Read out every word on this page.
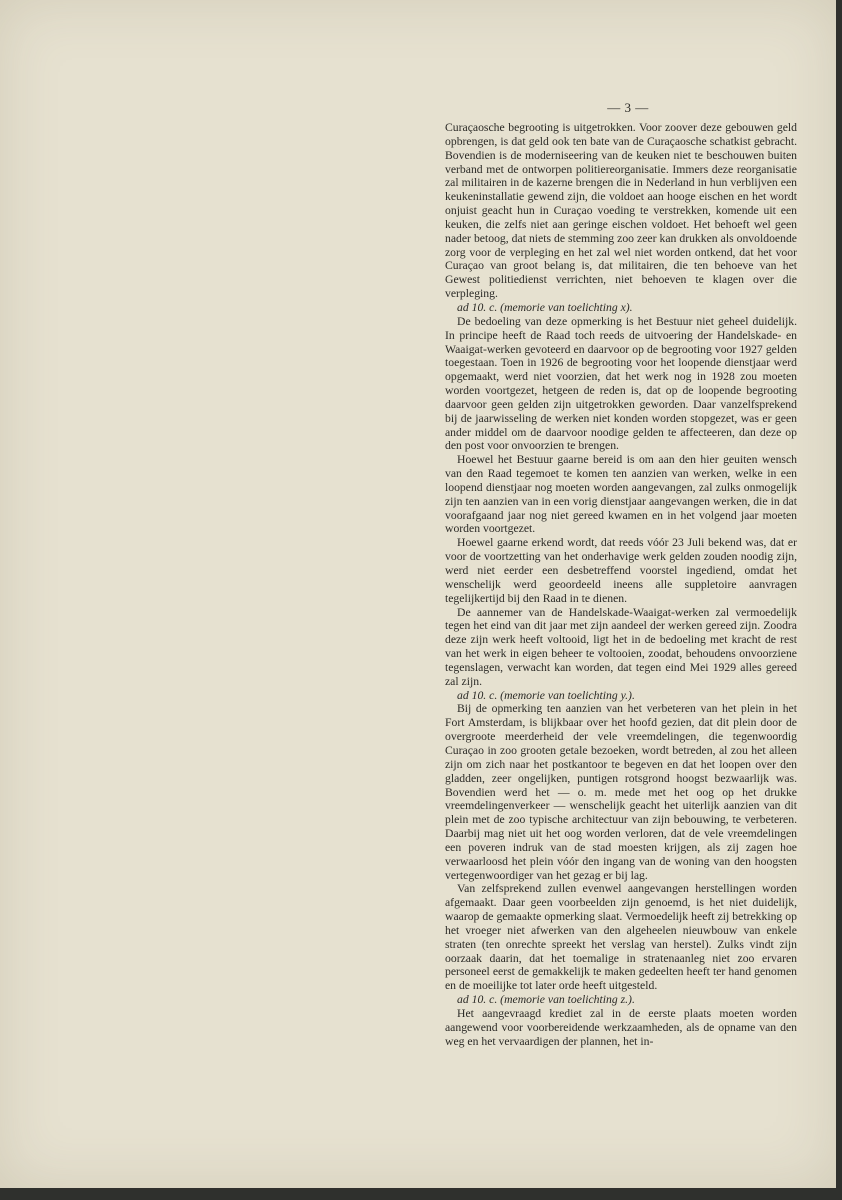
— 3 —

Curaçaosche begrooting is uitgetrokken. Voor zoover deze gebouwen geld opbrengen, is dat geld ook ten bate van de Curaçaosche schatkist gebracht. Bovendien is de moderniseering van de keuken niet te beschouwen buiten verband met de ontworpen politiereorganisatie. Immers deze reorganisatie zal militairen in de kazerne brengen die in Nederland in hun verblijven een keukeninstallatie gewend zijn, die voldoet aan hooge eischen en het wordt onjuist geacht hun in Curaçao voeding te verstrekken, komende uit een keuken, die zelfs niet aan geringe eischen voldoet. Het behoeft wel geen nader betoog, dat niets de stemming zoo zeer kan drukken als onvoldoende zorg voor de verpleging en het zal wel niet worden ontkend, dat het voor Curaçao van groot belang is, dat militairen, die ten behoeve van het Gewest politiedienst verrichten, niet behoeven te klagen over die verpleging.

ad 10. c. (memorie van toelichting x).

De bedoeling van deze opmerking is het Bestuur niet geheel duidelijk. In principe heeft de Raad toch reeds de uitvoering der Handelskade- en Waaigat-werken gevoteerd en daarvoor op de begrooting voor 1927 gelden toegestaan. Toen in 1926 de begrooting voor het loopende dienstjaar werd opgemaakt, werd niet voorzien, dat het werk nog in 1928 zou moeten worden voortgezet, hetgeen de reden is, dat op de loopende begrooting daarvoor geen gelden zijn uitgetrokken geworden. Daar vanzelfsprekend bij de jaarwisseling de werken niet konden worden stopgezet, was er geen ander middel om de daarvoor noodige gelden te affecteeren, dan deze op den post voor onvoorzien te brengen.

Hoewel het Bestuur gaarne bereid is om aan den hier geuiten wensch van den Raad tegemoet te komen ten aanzien van werken, welke in een loopend dienstjaar nog moeten worden aangevangen, zal zulks onmogelijk zijn ten aanzien van in een vorig dienstjaar aangevangen werken, die in dat voorafgaand jaar nog niet gereed kwamen en in het volgend jaar moeten worden voortgezet.

Hoewel gaarne erkend wordt, dat reeds vóór 23 Juli bekend was, dat er voor de voortzetting van het onderhavige werk gelden zouden noodig zijn, werd niet eerder een desbetreffend voorstel ingediend, omdat het wenschelijk werd geoordeeld ineens alle suppletoire aanvragen tegelijkertijd bij den Raad in te dienen.

De aannemer van de Handelskade-Waaigat-werken zal vermoedelijk tegen het eind van dit jaar met zijn aandeel der werken gereed zijn. Zoodra deze zijn werk heeft voltooid, ligt het in de bedoeling met kracht de rest van het werk in eigen beheer te voltooien, zoodat, behoudens onvoorziene tegenslagen, verwacht kan worden, dat tegen eind Mei 1929 alles gereed zal zijn.

ad 10. c. (memorie van toelichting y.).

Bij de opmerking ten aanzien van het verbeteren van het plein in het Fort Amsterdam, is blijkbaar over het hoofd gezien, dat dit plein door de overgroote meerderheid der vele vreemdelingen, die tegenwoordig Curaçao in zoo grooten getale bezoeken, wordt betreden, al zou het alleen zijn om zich naar het postkantoor te begeven en dat het loopen over den gladden, zeer ongelijken, puntigen rotsgrond hoogst bezwaarlijk was. Bovendien werd het — o. m. mede met het oog op het drukke vreemdelingenverkeer — wenschelijk geacht het uiterlijk aanzien van dit plein met de zoo typische architectuur van zijn bebouwing, te verbeteren. Daarbij mag niet uit het oog worden verloren, dat de vele vreemdelingen een poveren indruk van de stad moesten krijgen, als zij zagen hoe verwaarloosd het plein vóór den ingang van de woning van den hoogsten vertegenwoordiger van het gezag er bij lag.

Van zelfsprekend zullen evenwel aangevangen herstellingen worden afgemaakt. Daar geen voorbeelden zijn genoemd, is het niet duidelijk, waarop de gemaakte opmerking slaat. Vermoedelijk heeft zij betrekking op het vroeger niet afwerken van den algeheelen nieuwbouw van enkele straten (ten onrechte spreekt het verslag van herstel). Zulks vindt zijn oorzaak daarin, dat het toemalige in stratenaanleg niet zoo ervaren personeel eerst de gemakkelijk te maken gedeelten heeft ter hand genomen en de moeilijke tot later orde heeft uitgesteld.

ad 10. c. (memorie van toelichting z.).

Het aangevraagd krediet zal in de eerste plaats moeten worden aangewend voor voorbereidende werkzaamheden, als de opname van den weg en het vervaardigen der plannen, het in-
